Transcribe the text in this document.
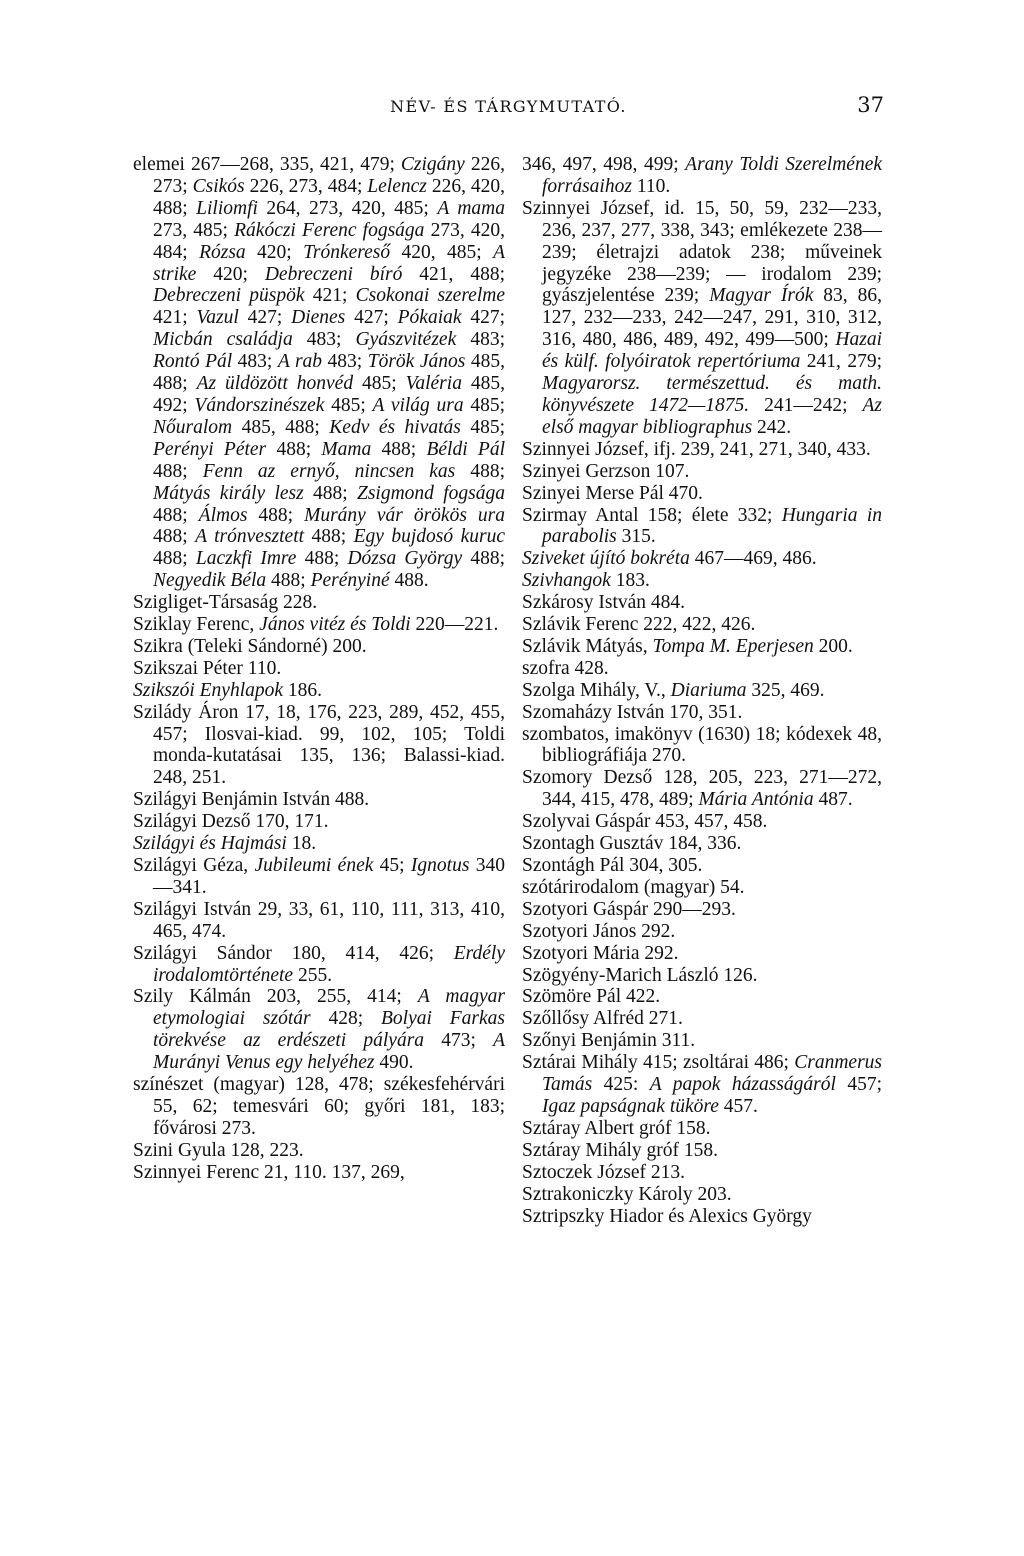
NÉV- ÉS TÁRGYMUTATÓ.	37

elemei 267—268, 335, 421, 479; Czigány 226, 273; Csikós 226, 273, 484; Lelencz 226, 420, 488; Liliomfi 264, 273, 420, 485; A mama 273, 485; Rákóczi Ferenc fogsága 273, 420, 484; Rózsa 420; Trónkereső 420, 485; A strike 420; Debreczeni bíró 421, 488; Debreczeni püspök 421; Csokonai szerelme 421; Vazul 427; Dienes 427; Pókaiak 427; Micbán családja 483; Gyászvitézek 483; Rontó Pál 483; A rab 483; Török János 485, 488; Az üldözött honvéd 485; Valéria 485, 492; Vándorszinészek 485; A világ ura 485; Nőuralom 485, 488; Kedv és hivatás 485; Perényi Péter 488; Mama 488; Béldi Pál 488; Fenn az ernyő, nincsen kas 488; Mátyás király lesz 488; Zsigmond fogsága 488; Álmos 488; Murány vár örökös ura 488; A trónvesztett 488; Egy bujdosó kuruc 488; Laczkfi Imre 488; Dózsa György 488; Negyedik Béla 488; Perényiné 488.

Szigliget-Társaság 228.

Sziklay Ferenc, János vitéz és Toldi 220—221.

Szikra (Teleki Sándorné) 200.

Szikszai Péter 110.

Szikszói Enyhlapok 186.

Szilády Áron 17, 18, 176, 223, 289, 452, 455, 457; Ilosvai-kiad. 99, 102, 105; Toldi monda-kutatásai 135, 136; Balassi-kiad. 248, 251.

Szilágyi Benjámin István 488.

Szilágyi Dezső 170, 171.

Szilágyi és Hajmási 18.

Szilágyi Géza, Jubileumi ének 45; Ignotus 340—341.

Szilágyi István 29, 33, 61, 110, 111, 313, 410, 465, 474.

Szilágyi Sándor 180, 414, 426; Erdély irodalomtörténete 255.

Szily Kálmán 203, 255, 414; A magyar etymologiai szótár 428; Bolyai Farkas törekvése az erdészeti pályára 473; A Murányi Venus egy helyéhez 490.

színészet (magyar) 128, 478; székesfehérvári 55, 62; temesvári 60; győri 181, 183; fővárosi 273.

Szini Gyula 128, 223.

Szinnyei Ferenc 21, 110. 137, 269,

346, 497, 498, 499; Arany Toldi Szerelmének forrásaihoz 110.

Szinnyei József, id. 15, 50, 59, 232—233, 236, 237, 277, 338, 343; emlékezete 238—239; életrajzi adatok 238; műveinek jegyzéke 238—239; — irodalom 239; gyászjelentése 239; Magyar Írók 83, 86, 127, 232—233, 242—247, 291, 310, 312, 316, 480, 486, 489, 492, 499—500; Hazai és külf. folyóiratok repertóriuma 241, 279; Magyarorsz. természettud. és math. könyvészete 1472—1875. 241—242; Az első magyar bibliographus 242.

Szinnyei József, ifj. 239, 241, 271, 340, 433.

Szinyei Gerzson 107.

Szinyei Merse Pál 470.

Szirmay Antal 158; élete 332; Hungaria in parabolis 315.

Sziveket újító bokréta 467—469, 486.

Szivhangok 183.

Szkárosy István 484.

Szlávik Ferenc 222, 422, 426.

Szlávik Mátyás, Tompa M. Eperjesen 200.

szofra 428.

Szolga Mihály, V., Diariuma 325, 469.

Szomaházy István 170, 351.

szombatos, imakönyv (1630) 18; kódexek 48, bibliográfiája 270.

Szomory Dezső 128, 205, 223, 271—272, 344, 415, 478, 489; Mária Antónia 487.

Szolyvai Gáspár 453, 457, 458.

Szontagh Gusztáv 184, 336.

Szontágh Pál 304, 305.

szótárirodalom (magyar) 54.

Szotyori Gáspár 290—293.

Szotyori János 292.

Szotyori Mária 292.

Szögyény-Marich László 126.

Szömöre Pál 422.

Szőllősy Alfréd 271.

Szőnyi Benjámin 311.

Sztárai Mihály 415; zsoltárai 486; Cranmerus Tamás 425: A papok házasságáról 457; Igaz papságnak tüköre 457.

Sztáray Albert gróf 158.

Sztáray Mihály gróf 158.

Sztoczek József 213.

Sztrakoniczky Károly 203.

Sztripszky Hiador és Alexics György
